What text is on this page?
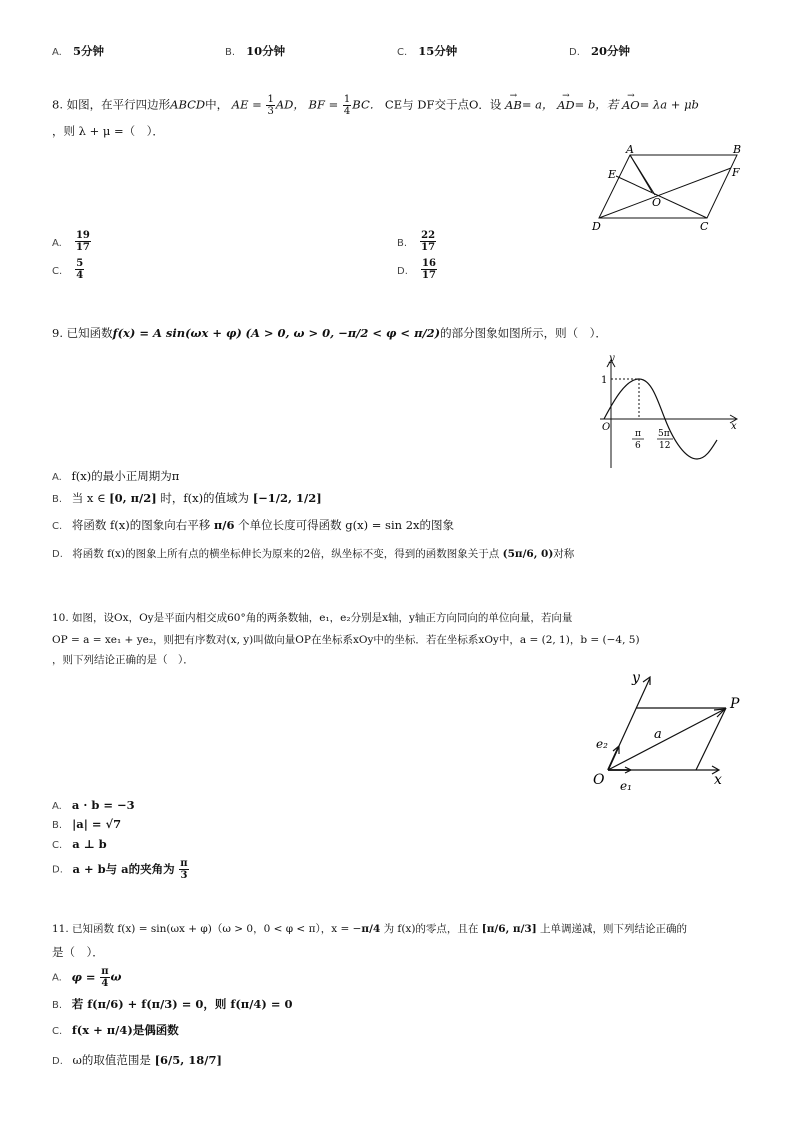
A. 5分钟	B. 10分钟	C. 15分钟	D. 20分钟
8. 如图，在平行四边形ABCD中， AE = $\frac{1}{3}$ AD， BF = $\frac{1}{4}$ BC． CE与 DF交于点O．设 → AB= a， → AD= b，若 → AO= λa + μb
，则 λ + μ =（　）．
A	B
C
D
E	F
O
A. $\frac{19}{17}$	B. $\frac{22}{17}$
C. $\frac{5}{4}$	D. $\frac{16}{17}$
9. 已知函数f(x) = A sin(ωx + φ) (A > 0, ω > 0, −π/2 < φ < π/2)的部分图象如图所示，则（　）．
y
x
1
O
π
6
5π
12
A. f(x)的最小正周期为π
B. 当 x ∈ [0, π/2] 时，f(x)的值域为 [−1/2, 1/2]
C. 将函数 f(x)的图象向右平移 π/6 个单位长度可得函数 g(x) = sin 2x的图象
D. 将函数 f(x)的图象上所有点的横坐标伸长为原来的2倍，纵坐标不变，得到的函数图象关于点 (5π/6, 0)对称
10. 如图，设Ox，Oy是平面内相交成60°角的两条数轴，e₁，e₂分别是x轴，y轴正方向同向的单位向量，若向量
OP = a = xe₁ + ye₂，则把有序数对(x, y)叫做向量OP在坐标系xOy中的坐标．若在坐标系xOy中，a = (2, 1)，b = (−4, 5)
，则下列结论正确的是（　）．
y
x
O
P
a
e₁
e₂
A. a · b = −3
B. |a| = √7
C. a ⊥ b
D. a + b与 a的夹角为 $\frac{\pi}{3}$
11. 已知函数 f(x) = sin(ωx + φ)（ω > 0，0 < φ < π），x = −π/4 为 f(x)的零点，且在 [π/6, π/3] 上单调递减，则下列结论正确的
是（　）．
A. $\varphi = \frac{\pi}{4}$ ω
B. 若 f(π/6) + f(π/3) = 0，则 f(π/4) = 0
C. f(x + π/4)是偶函数
D. ω的取值范围是 [6/5, 18/7]
